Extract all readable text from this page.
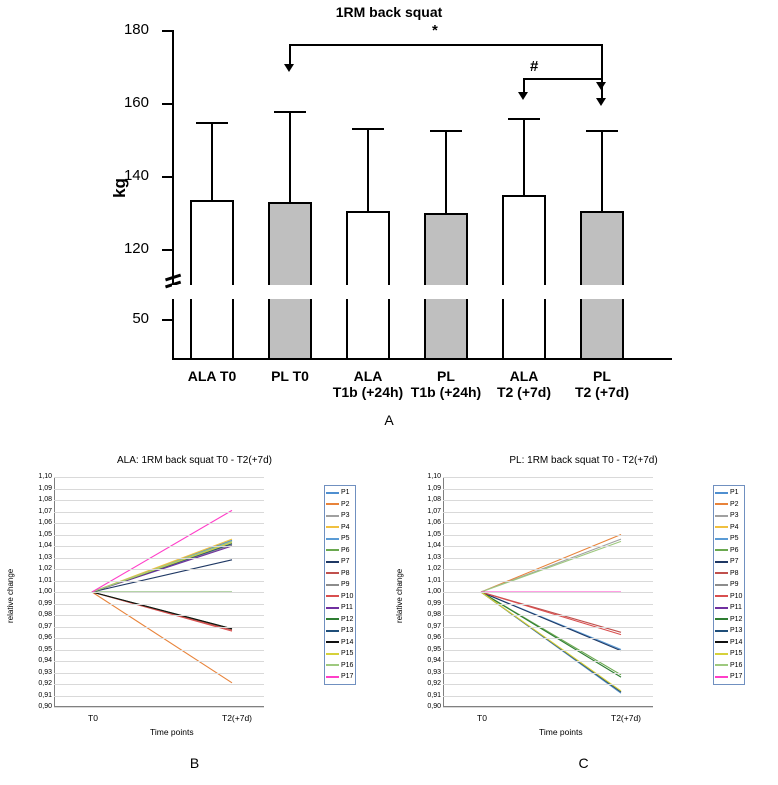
1RM back squat
kg
180
160
140
120
50
*
#
ALA T0	PL T0	ALA
T1b (+24h)
PL
T1b (+24h)
ALA
T2 (+7d)
PL
T2 (+7d)
A
ALA: 1RM back squat T0 - T2(+7d)
1,10
1,09
1,08
1,07
1,06
1,05
1,04
1,03
1,02
1,01
1,00
0,99
0,98
0,97
0,96
0,95
0,94
0,93
0,92
0,91
0,90
relative change
Time points
T0	T2(+7d)
P1
P2
P3
P4
P5
P6
P7
P8
P9
P10
P11
P12
P13
P14
P15
P16
P17
B
PL: 1RM back squat T0 - T2(+7d)
1,10
1,09
1,08
1,07
1,06
1,05
1,04
1,03
1,02
1,01
1,00
0,99
0,98
0,97
0,96
0,95
0,94
0,93
0,92
0,91
0,90
relative change
Time points
T0	T2(+7d)
P1
P2
P3
P4
P5
P6
P7
P8
P9
P10
P11
P12
P13
P14
P15
P16
P17
C
